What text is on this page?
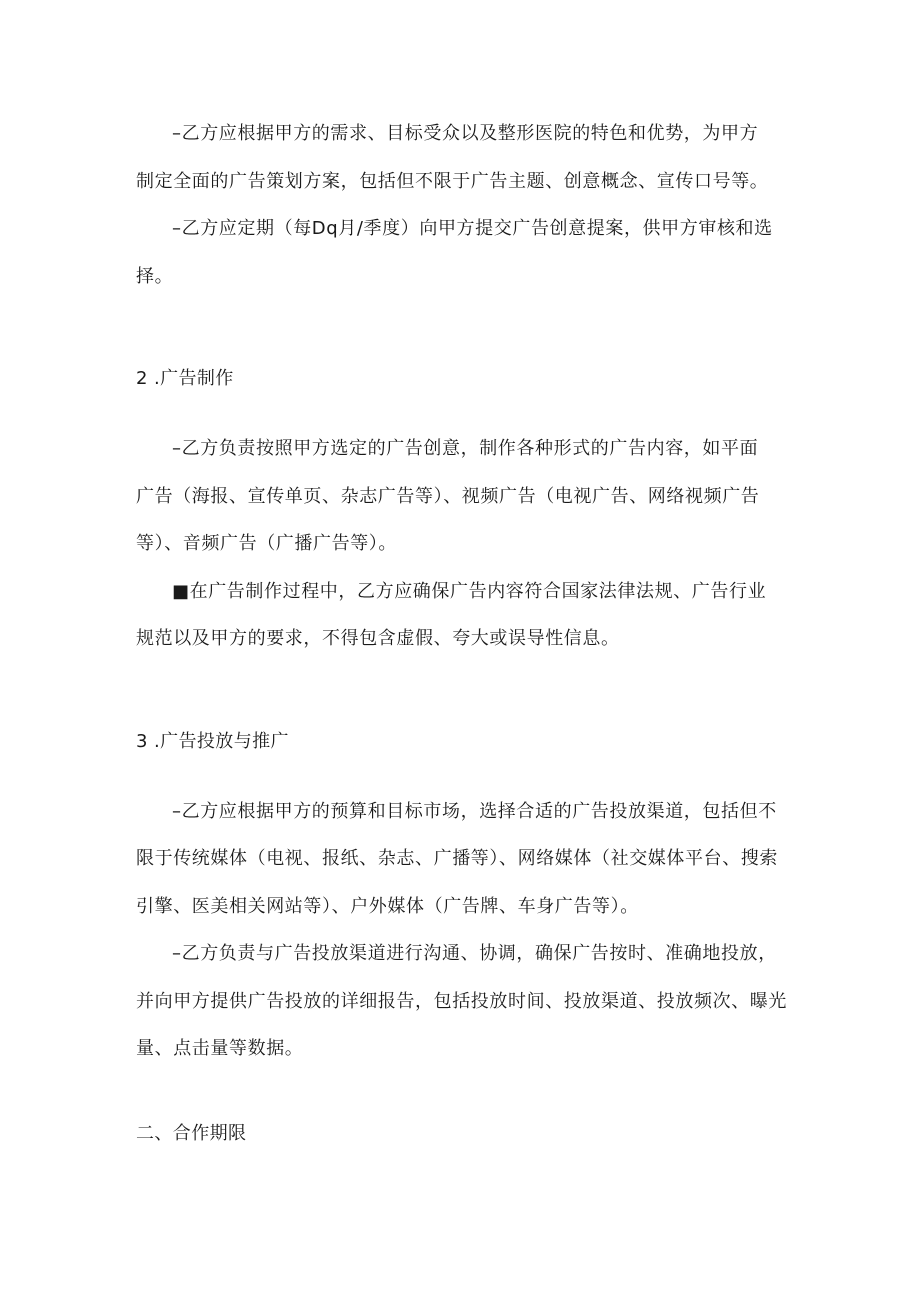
–乙方应根据甲方的需求、目标受众以及整形医院的特色和优势，为甲方
制定全面的广告策划方案，包括但不限于广告主题、创意概念、宣传口号等。
–乙方应定期（每Dq月/季度）向甲方提交广告创意提案，供甲方审核和选
择。
2 .广告制作
–乙方负责按照甲方选定的广告创意，制作各种形式的广告内容，如平面
广告（海报、宣传单页、杂志广告等）、视频广告（电视广告、网络视频广告
等）、音频广告（广播广告等）。
■在广告制作过程中，乙方应确保广告内容符合国家法律法规、广告行业
规范以及甲方的要求，不得包含虚假、夸大或误导性信息。
3 .广告投放与推广
–乙方应根据甲方的预算和目标市场，选择合适的广告投放渠道，包括但不
限于传统媒体（电视、报纸、杂志、广播等）、网络媒体（社交媒体平台、搜索
引擎、医美相关网站等）、户外媒体（广告牌、车身广告等）。
–乙方负责与广告投放渠道进行沟通、协调，确保广告按时、准确地投放，
并向甲方提供广告投放的详细报告，包括投放时间、投放渠道、投放频次、曝光
量、点击量等数据。
二、合作期限
